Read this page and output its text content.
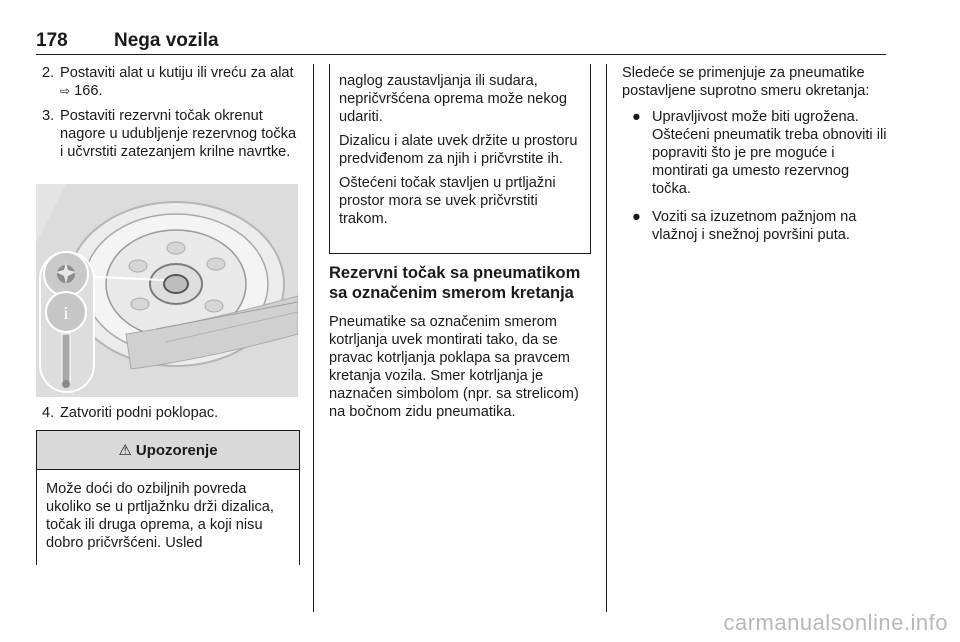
178 Nega vozila
2. Postaviti alat u kutiju ili vreću za alat ⇨ 166.
3. Postaviti rezervni točak okrenut nagore u udubljenje rezervnog točka i učvrstiti zatezanjem krilne navrtke.
i
4. Zatvoriti podni poklopac.
⚠ Upozorenje
Može doći do ozbiljnih povreda ukoliko se u prtljažnku drži dizalica, točak ili druga oprema, a koji nisu dobro pričvršćeni. Usled

naglog zaustavljanja ili sudara, nepričvršćena oprema može nekog udariti.

Dizalicu i alate uvek držite u prostoru predviđenom za njih i pričvrstite ih.

Oštećeni točak stavljen u prtljažni prostor mora se uvek pričvrstiti trakom.

Rezervni točak sa pneumatikom sa označenim smerom kretanja
Pneumatike sa označenim smerom kotrljanja uvek montirati tako, da se pravac kotrljanja poklapa sa pravcem kretanja vozila. Smer kotrljanja je naznačen simbolom (npr. sa strelicom) na bočnom zidu pneumatika.
Sledeće se primenjuje za pneumatike postavljene suprotno smeru okretanja:
● Upravljivost može biti ugrožena. Oštećeni pneumatik treba obnoviti ili popraviti što je pre moguće i montirati ga umesto rezervnog točka.
● Voziti sa izuzetnom pažnjom na vlažnoj i snežnoj površini puta.
carmanualsonline.info
